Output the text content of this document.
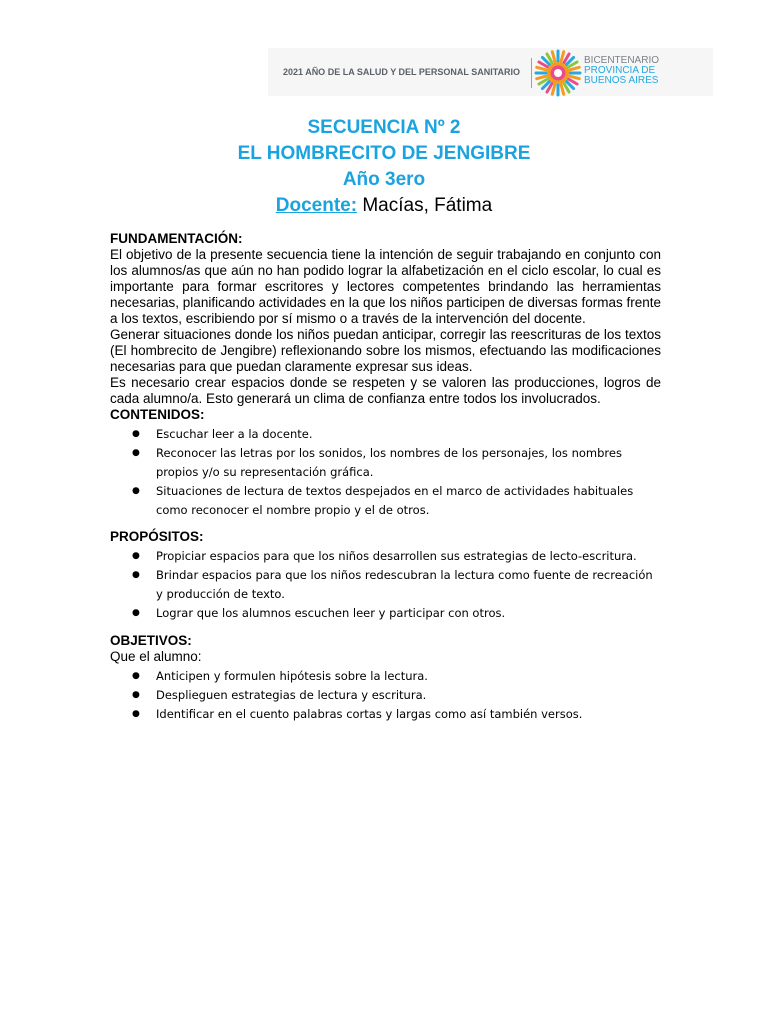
2021 AÑO DE LA SALUD Y DEL PERSONAL SANITARIO
BICENTENARIO
PROVINCIA DE
BUENOS AIRES
SECUENCIA Nº 2
EL HOMBRECITO DE JENGIBRE
Año 3ero
Docente: Macías, Fátima
FUNDAMENTACIÓN:
El objetivo de la presente secuencia tiene la intención de seguir trabajando en conjunto con los alumnos/as que aún no han podido lograr la alfabetización en el ciclo escolar, lo cual es importante para formar escritores y lectores competentes brindando las herramientas necesarias, planificando actividades en la que los niños participen de diversas formas frente a los textos, escribiendo por sí mismo o a través de la intervención del docente.
Generar situaciones donde los niños puedan anticipar, corregir las reescrituras de los textos (El hombrecito de Jengibre) reflexionando sobre los mismos, efectuando las modificaciones necesarias para que puedan claramente expresar sus ideas.
Es necesario crear espacios donde se respeten y se valoren las producciones, logros de cada alumno/a. Esto generará un clima de confianza entre todos los involucrados.
CONTENIDOS:
● Escuchar leer a la docente.
● Reconocer las letras por los sonidos, los nombres de los personajes, los nombres propios y/o su representación gráfica.
● Situaciones de lectura de textos despejados en el marco de actividades habituales como reconocer el nombre propio y el de otros.
PROPÓSITOS:
● Propiciar espacios para que los niños desarrollen sus estrategias de lecto-escritura.
● Brindar espacios para que los niños redescubran la lectura como fuente de recreación y producción de texto.
● Lograr que los alumnos escuchen leer y participar con otros.
OBJETIVOS:
Que el alumno:
● Anticipen y formulen hipótesis sobre la lectura.
● Desplieguen estrategias de lectura y escritura.
● Identificar en el cuento palabras cortas y largas como así también versos.
